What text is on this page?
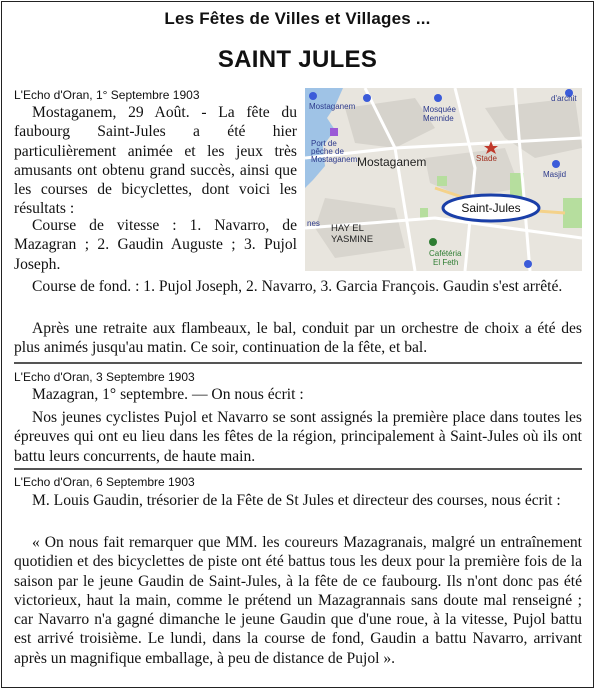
Les Fêtes de Villes et Villages ...
SAINT JULES
L'Echo d'Oran, 1° Septembre 1903
Mostaganem, 29 Août. - La fête du faubourg Saint-Jules a été hier particulièrement animée et les jeux très amusants ont obtenu grand succès, ainsi que les courses de bicyclettes, dont voici les résultats :
Course de vitesse : 1. Navarro, de Mazagran ; 2. Gaudin Auguste ; 3. Pujol Joseph.
Mostaganem	Mosquée
Mennide
Port de
pêche de
Mostaganem	Stade
Masjid
d'archit
nes
Cafétéria
El Feth
Mostaganem
HAY EL
YASMINE
Saint-Jules
Course de fond. : 1. Pujol Joseph, 2. Navarro, 3. Garcia François. Gaudin s'est arrêté.
Après une retraite aux flambeaux, le bal, conduit par un orchestre de choix a été des plus animés jusqu'au matin. Ce soir, continuation de la fête, et bal.
L'Echo d'Oran, 3 Septembre 1903
Mazagran, 1° septembre. — On nous écrit :
Nos jeunes cyclistes Pujol et Navarro se sont assignés la première place dans toutes les épreuves qui ont eu lieu dans les fêtes de la région, principalement à Saint-Jules où ils ont battu leurs concurrents, de haute main.
L'Echo d'Oran, 6 Septembre 1903
M. Louis Gaudin, trésorier de la Fête de St Jules et directeur des courses, nous écrit :
« On nous fait remarquer que MM. les coureurs Mazagranais, malgré un entraînement quotidien et des bicyclettes de piste ont été battus tous les deux pour la première fois de la saison par le jeune Gaudin de Saint-Jules, à la fête de ce faubourg. Ils n'ont donc pas été victorieux, haut la main, comme le prétend un Mazagrannais sans doute mal renseigné ; car Navarro n'a gagné dimanche le jeune Gaudin que d'une roue, à la vitesse, Pujol battu est arrivé troisième. Le lundi, dans la course de fond, Gaudin a battu Navarro, arrivant après un magnifique emballage, à peu de distance de Pujol ».
